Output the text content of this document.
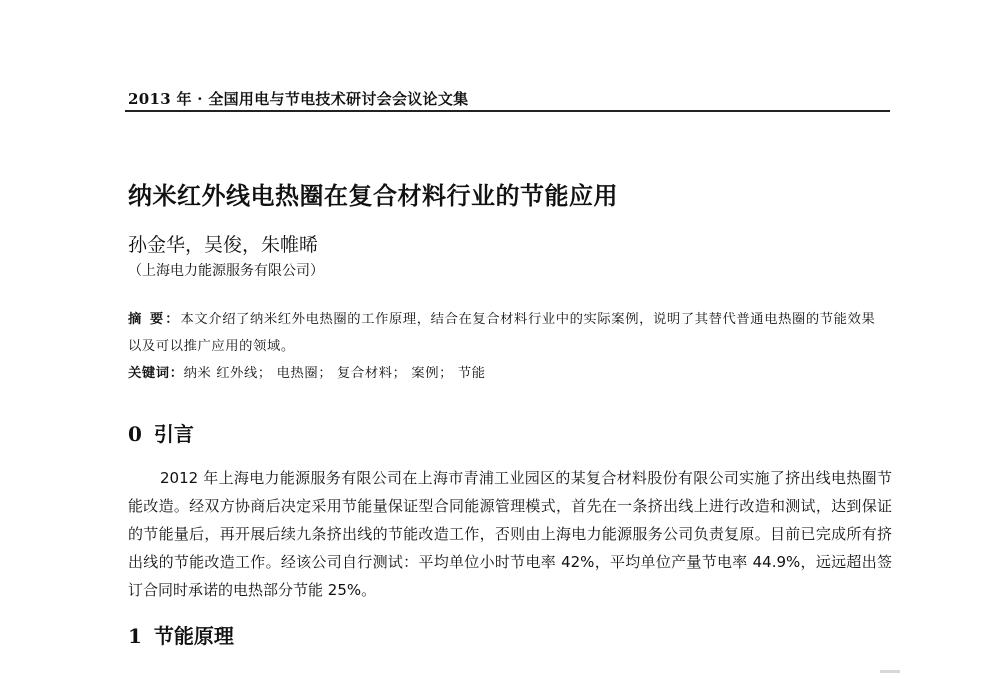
2013 年 · 全国用电与节电技术研讨会会议论文集
纳米红外线电热圈在复合材料行业的节能应用
孙金华，吴俊，朱帷晞
（上海电力能源服务有限公司）
摘 要：本文介绍了纳米红外电热圈的工作原理，结合在复合材料行业中的实际案例，说明了其替代普通电热圈的节能效果以及可以推广应用的领域。
关键词：纳米 红外线； 电热圈； 复合材料； 案例； 节能
0 引言

2012 年上海电力能源服务有限公司在上海市青浦工业园区的某复合材料股份有限公司实施了挤出线电热圈节能改造。经双方协商后决定采用节能量保证型合同能源管理模式，首先在一条挤出线上进行改造和测试，达到保证的节能量后，再开展后续九条挤出线的节能改造工作，否则由上海电力能源服务公司负责复原。目前已完成所有挤出线的节能改造工作。经该公司自行测试：平均单位小时节电率 42%，平均单位产量节电率 44.9%，远远超出签订合同时承诺的电热部分节能 25%。

1 节能原理
